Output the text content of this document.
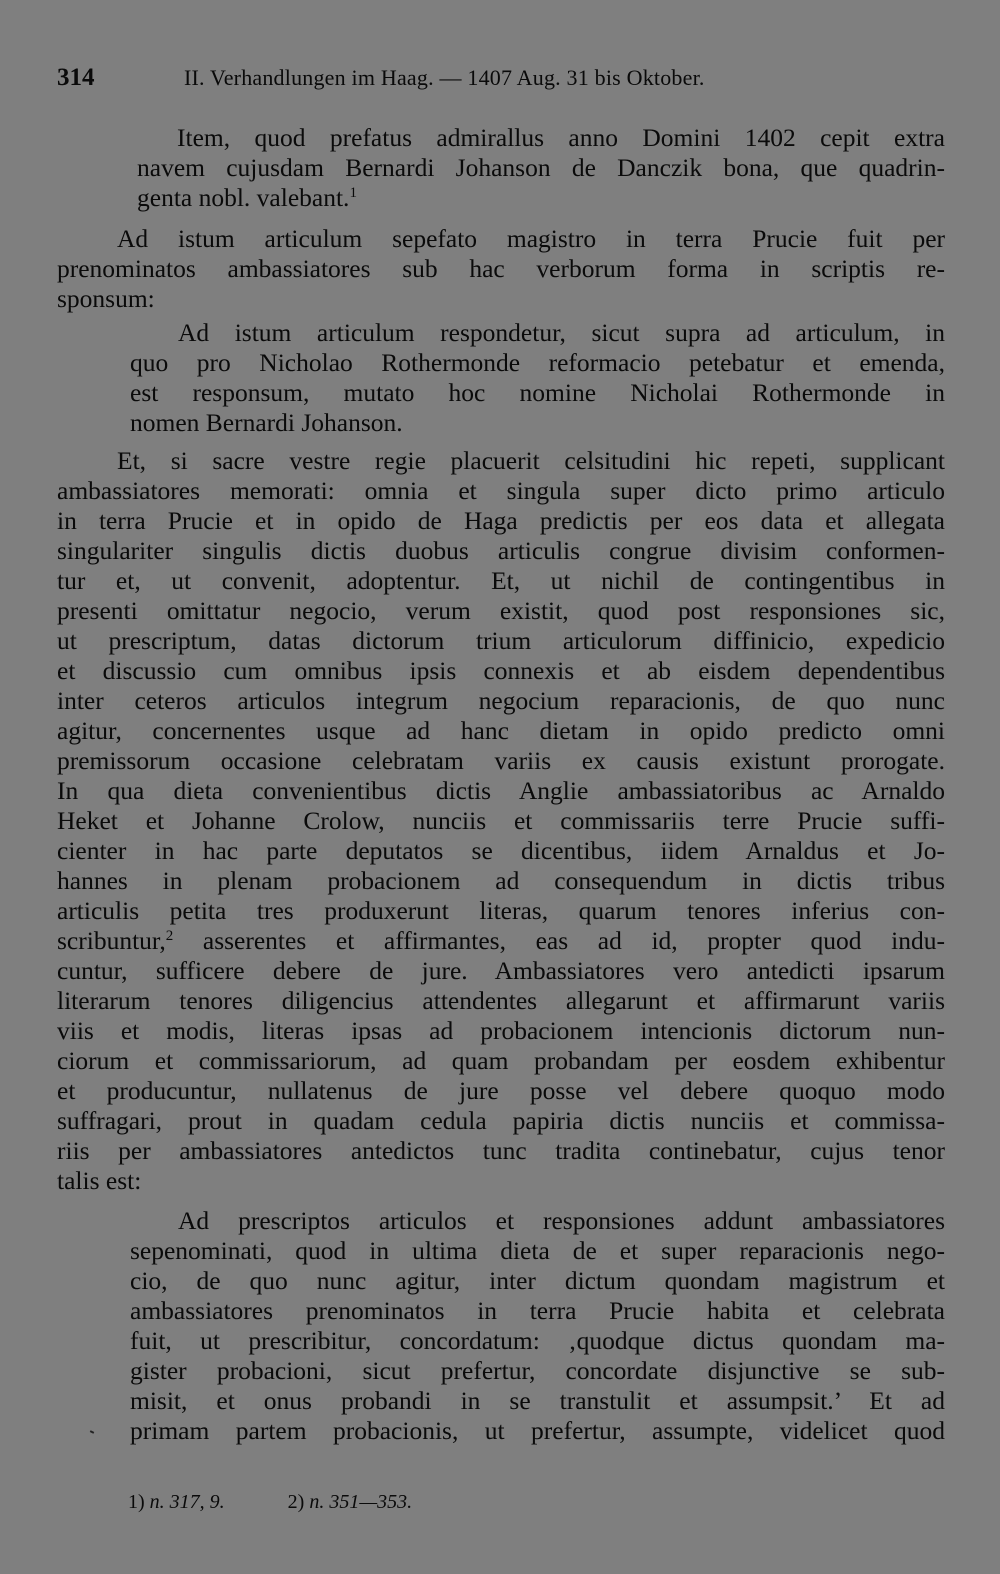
314	II. Verhandlungen im Haag. — 1407 Aug. 31 bis Oktober.
Item, quod prefatus admirallus anno Domini 1402 cepit extra
navem cujusdam Bernardi Johanson de Danczik bona, que quadrin-
genta nobl. valebant.$^1$
Ad istum articulum sepefato magistro in terra Prucie fuit per
prenominatos ambassiatores sub hac verborum forma in scriptis re-
sponsum:
Ad istum articulum respondetur, sicut supra ad articulum, in
quo pro Nicholao Rothermonde reformacio petebatur et emenda,
est responsum, mutato hoc nomine Nicholai Rothermonde in
nomen Bernardi Johanson.
Et, si sacre vestre regie placuerit celsitudini hic repeti, supplicant
ambassiatores memorati: omnia et singula super dicto primo articulo
in terra Prucie et in opido de Haga predictis per eos data et allegata
singulariter singulis dictis duobus articulis congrue divisim conformen-
tur et, ut convenit, adoptentur. Et, ut nichil de contingentibus in
presenti omittatur negocio, verum existit, quod post responsiones sic,
ut prescriptum, datas dictorum trium articulorum diffinicio, expedicio
et discussio cum omnibus ipsis connexis et ab eisdem dependentibus
inter ceteros articulos integrum negocium reparacionis, de quo nunc
agitur, concernentes usque ad hanc dietam in opido predicto omni
premissorum occasione celebratam variis ex causis existunt prorogate.
In qua dieta convenientibus dictis Anglie ambassiatoribus ac Arnaldo
Heket et Johanne Crolow, nunciis et commissariis terre Prucie suffi-
cienter in hac parte deputatos se dicentibus, iidem Arnaldus et Jo-
hannes in plenam probacionem ad consequendum in dictis tribus
articulis petita tres produxerunt literas, quarum tenores inferius con-
scribuntur,$^2$ asserentes et affirmantes, eas ad id, propter quod indu-
cuntur, sufficere debere de jure. Ambassiatores vero antedicti ipsarum
literarum tenores diligencius attendentes allegarunt et affirmarunt variis
viis et modis, literas ipsas ad probacionem intencionis dictorum nun-
ciorum et commissariorum, ad quam probandam per eosdem exhibentur
et producuntur, nullatenus de jure posse vel debere quoquo modo
suffragari, prout in quadam cedula papiria dictis nunciis et commissa-
riis per ambassiatores antedictos tunc tradita continebatur, cujus tenor
talis est:
Ad prescriptos articulos et responsiones addunt ambassiatores
sepenominati, quod in ultima dieta de et super reparacionis nego-
cio, de quo nunc agitur, inter dictum quondam magistrum et
ambassiatores prenominatos in terra Prucie habita et celebrata
fuit, ut prescribitur, concordatum: ‚quodque dictus quondam ma-
gister probacioni, sicut prefertur, concordate disjunctive se sub-
misit, et onus probandi in se transtulit et assumpsit.’ Et ad
primam partem probacionis, ut prefertur, assumpte, videlicet quod
1) n. 317, 9.	2) n. 351—353.
